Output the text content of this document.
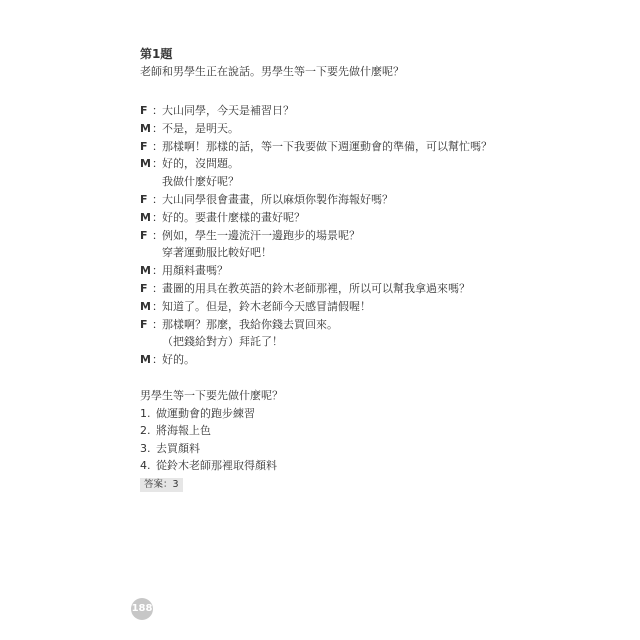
第1題
老師和男學生正在說話。男學生等一下要先做什麼呢？
F ： 大山同學，今天是補習日？
M ： 不是，是明天。
F ： 那樣啊！那樣的話，等一下我要做下週運動會的準備，可以幫忙嗎？
M ： 好的，沒問題。
我做什麼好呢？
F ： 大山同學很會畫畫，所以麻煩你製作海報好嗎？
M ： 好的。要畫什麼樣的畫好呢？
F ： 例如，學生一邊流汗一邊跑步的場景呢？
穿著運動服比較好吧！
M ： 用顏料畫嗎？
F ： 畫圖的用具在教英語的鈴木老師那裡，所以可以幫我拿過來嗎？
M ： 知道了。但是，鈴木老師今天感冒請假喔！
F ： 那樣啊？那麼，我給你錢去買回來。
（把錢給對方）拜託了！
M ： 好的。
男學生等一下要先做什麼呢？
1. 做運動會的跑步練習
2. 將海報上色
3. 去買顏料
4. 從鈴木老師那裡取得顏料
答案：3
188
